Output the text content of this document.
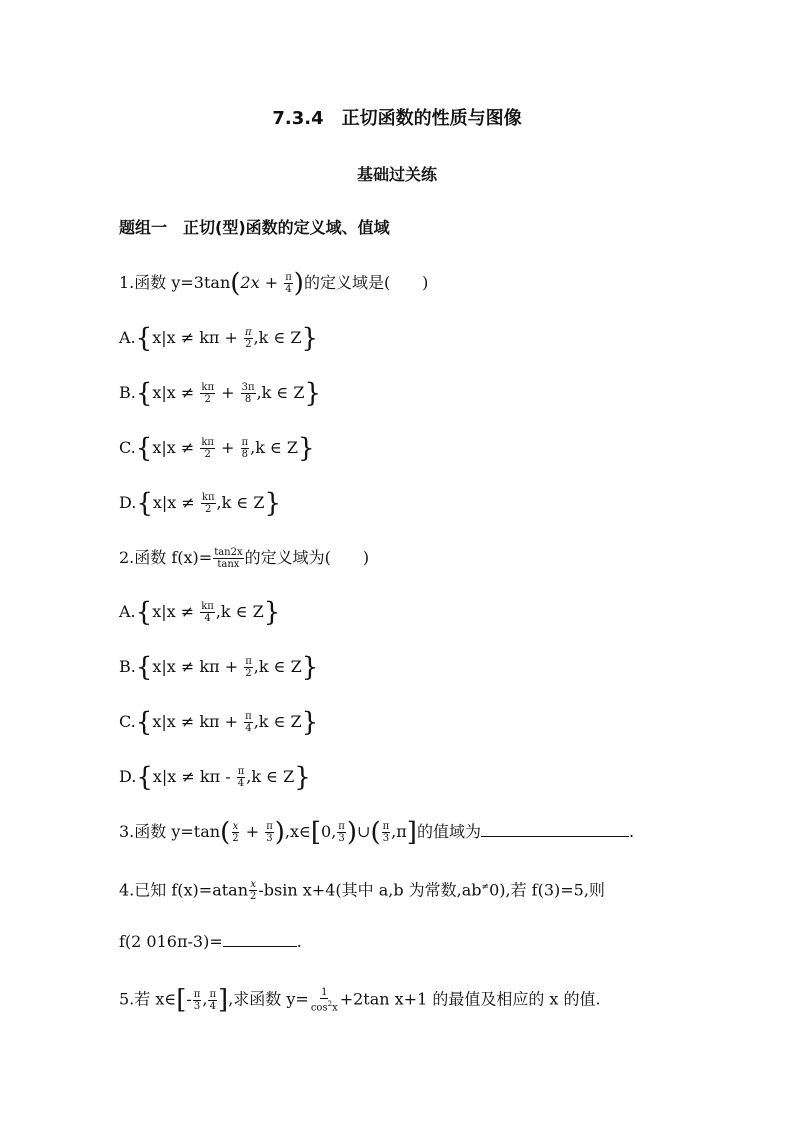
7.3.4　正切函数的性质与图像
基础过关练
题组一　正切(型)函数的定义域、值域
1.函数 $y=3\tan(2x + \frac{\pi}{4}$ )的定义域是(　　)
$A.\{x|x \ne k\pi + \frac{\pi}{2} ,k$ ∈ Z}
$B.\{x|x \ne \frac{k\pi}{2} + \frac{3\pi}{8} ,k$ ∈ Z}
$C.\{x|x \ne \frac{k\pi}{2} + \frac{\pi}{8} ,k$ ∈ Z}
$D.\{x|x \ne \frac{k\pi}{2} ,k$ ∈ Z}
2.函数 $f(x)= \frac{\tan 2x}{\tan x}$ 的定义域为(　　)
$A.\{x|x \ne \frac{k\pi}{4} ,k$ ∈ Z}
$B.\{x|x \ne k\pi + \frac{\pi}{2} ,k$ ∈ Z}
$C.\{x|x \ne k\pi + \frac{\pi}{4} ,k$ ∈ Z}
$D.\{x|x \ne k\pi - \frac{\pi}{4} ,k$ ∈ Z}
3.函数 $y=\tan( \frac{x}{2} + \frac{\pi}{3}$ ),x∈[0, $\frac{\pi}{3}$ )∪( $\frac{\pi}{3} ,\pi$]的值域为	.
4.已知 $f(x)=atan \frac{x}{2} -bsin$ x+4(其中 a,b 为常数,ab≠0),若 f(3)=5,则
f(2 016π-3)=	.
5.若 x∈[- $\frac{\pi}{3}$ , $\frac{\pi}{4}$ ],求函数 $y= \frac{1}{\cos^2x} +2\tan$ x+1 的最值及相应的 x 的值.
